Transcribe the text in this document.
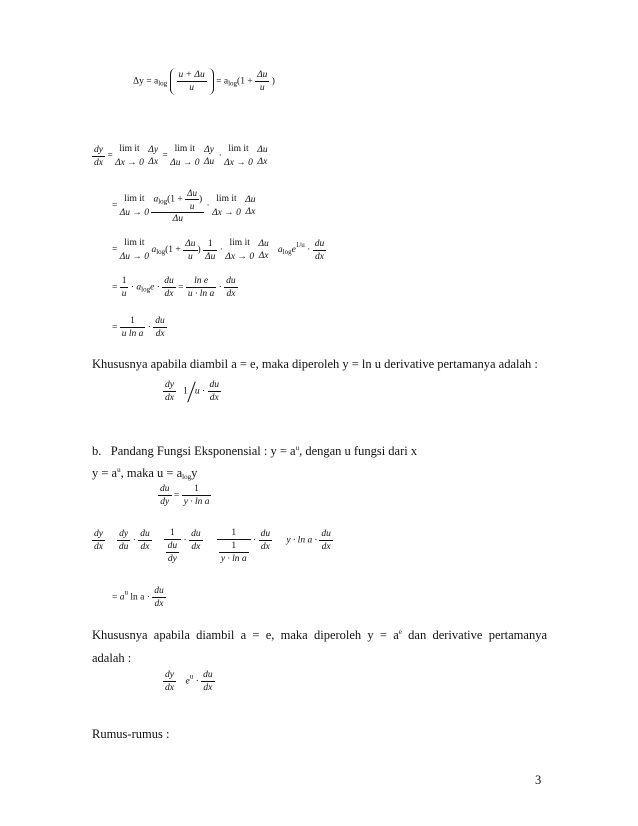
$\Delta y = a_{log} \frac{u + \Delta u}{u} = a_{log}(1 + \frac{\Delta u}{u}$ )
$\frac{dy}{dx} = \lim$ it
Δx → 0
Δy
Δx
= lim it
Δu → 0
Δy
Δu
· lim it
Δx → 0
Δu
Δx
= lim it
$\Delta u \to 0 \frac{a_{log}(1 + \frac{\Delta u}{u} )}{\Delta u} \cdot \lim$ it
Δx → 0
Δu
Δx
= lim it
Δu → 0 $a_{log}(1 + \frac{\Delta u}{u}$ ) $\frac{1}{\Delta u} \cdot \lim$ it
Δx → 0
Δu
Δx
$a_{log}e^{1/u} \cdot \frac{du}{dx}$
= $\frac{1}{u} \cdot a_{log}e \cdot \frac{du}{dx} = \frac{\text{ln e}}{\text{u · ln a}} \cdot \frac{du}{dx}$
= $\frac{1}{\text{u ln a}} \cdot \frac{du}{dx}$
Khususnya apabila diambil a = e, maka diperoleh y = ln u derivative pertamanya adalah :
$\frac{dy}{dx} 1$ $u \cdot \frac{du}{dx}$
b. Pandang Fungsi Eksponensial : $y = a^u$, dengan u fungsi dari x
$y = a^u$, maka $u = a_{log}y$
$\frac{du}{dy} = \frac{1}{\text{y · ln a}}$
$\frac{dy}{dx}$
$\frac{dy}{du} \cdot \frac{du}{dx}$
$\frac{1}{\frac{du}{dy}} \cdot \frac{du}{dx}$
$\frac{1}{\frac{1}{\text{y · ln a}}} \cdot \frac{du}{dx}$ $y \cdot \ln a \cdot \frac{du}{dx}$
= $a^u$ $\ln a \cdot \frac{du}{dx}$
Khususnya apabila diambil a = e, maka diperoleh $y = a^e$ dan derivative pertamanya
adalah :
$\frac{dy}{dx} e^u \cdot \frac{du}{dx}$
Rumus-rumus :
3
